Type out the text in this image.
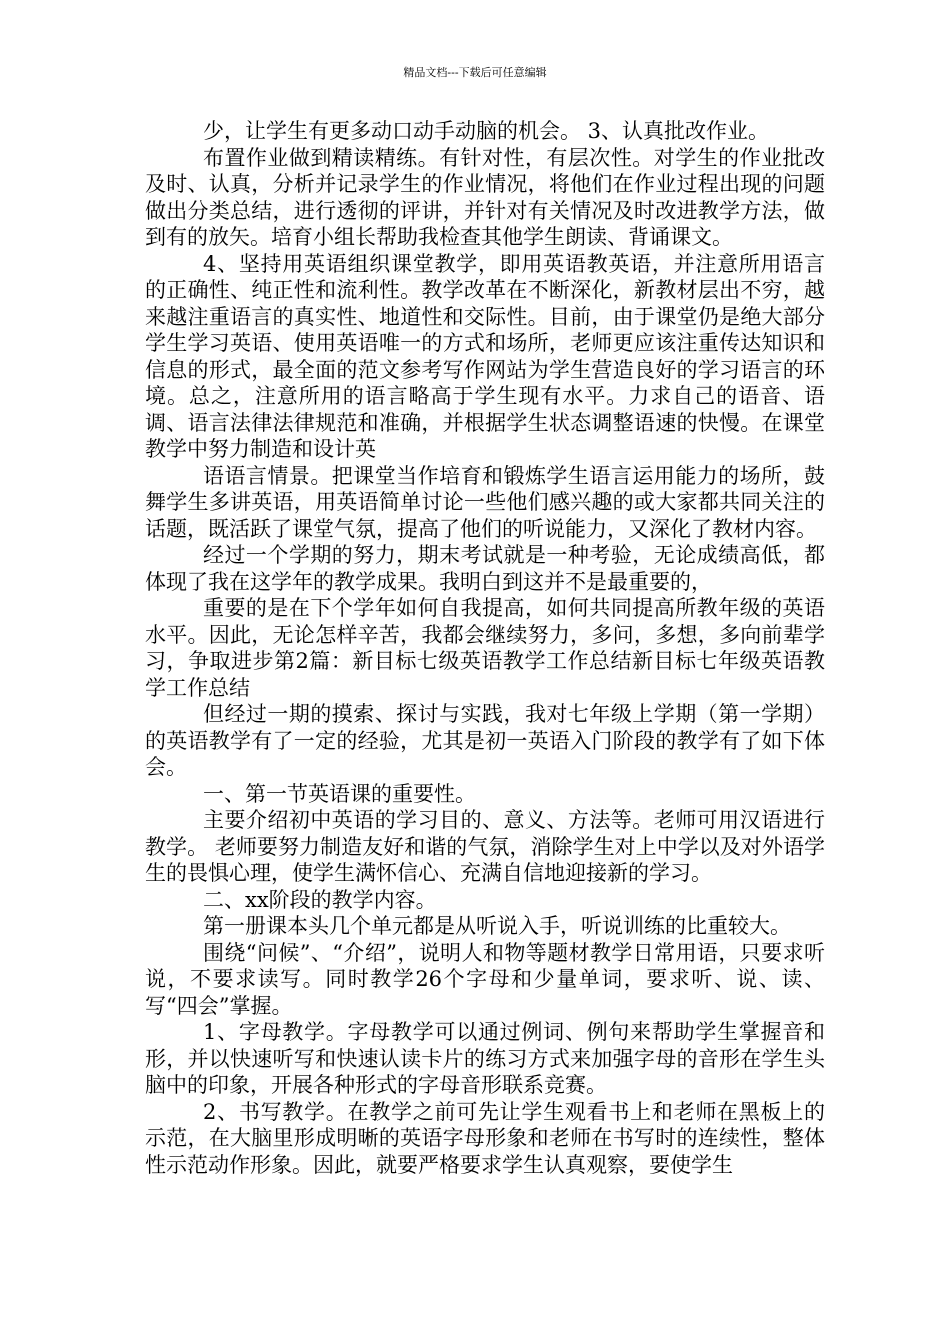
精品文档---下载后可任意编辑

少，让学生有更多动口动手动脑的机会。 3、认真批改作业。

布置作业做到精读精练。有针对性，有层次性。对学生的作业批改及时、认真，分析并记录学生的作业情况，将他们在作业过程出现的问题做出分类总结，进行透彻的评讲，并针对有关情况及时改进教学方法，做到有的放矢。培育小组长帮助我检查其他学生朗读、背诵课文。

4、坚持用英语组织课堂教学，即用英语教英语，并注意所用语言的正确性、纯正性和流利性。教学改革在不断深化，新教材层出不穷，越来越注重语言的真实性、地道性和交际性。目前，由于课堂仍是绝大部分学生学习英语、使用英语唯一的方式和场所，老师更应该注重传达知识和信息的形式，最全面的范文参考写作网站为学生营造良好的学习语言的环境。总之，注意所用的语言略高于学生现有水平。力求自己的语音、语调、语言法律法律规范和准确，并根据学生状态调整语速的快慢。在课堂教学中努力制造和设计英

语语言情景。把课堂当作培育和锻炼学生语言运用能力的场所，鼓舞学生多讲英语，用英语简单讨论一些他们感兴趣的或大家都共同关注的话题，既活跃了课堂气氛，提高了他们的听说能力，又深化了教材内容。

经过一个学期的努力，期末考试就是一种考验，无论成绩高低，都体现了我在这学年的教学成果。我明白到这并不是最重要的，

重要的是在下个学年如何自我提高，如何共同提高所教年级的英语水平。因此，无论怎样辛苦，我都会继续努力，多问，多想，多向前辈学习，争取进步第2篇：新目标七级英语教学工作总结新目标七年级英语教学工作总结

但经过一期的摸索、探讨与实践，我对七年级上学期（第一学期）的英语教学有了一定的经验，尤其是初一英语入门阶段的教学有了如下体会。

一、第一节英语课的重要性。

主要介绍初中英语的学习目的、意义、方法等。老师可用汉语进行教学。 老师要努力制造友好和谐的气氛，消除学生对上中学以及对外语学生的畏惧心理，使学生满怀信心、充满自信地迎接新的学习。

二、xx阶段的教学内容。

第一册课本头几个单元都是从听说入手，听说训练的比重较大。

围绕“问候”、“介绍”，说明人和物等题材教学日常用语，只要求听说，不要求读写。同时教学26个字母和少量单词，要求听、说、读、写“四会”掌握。

1、字母教学。字母教学可以通过例词、例句来帮助学生掌握音和形，并以快速听写和快速认读卡片的练习方式来加强字母的音形在学生头脑中的印象，开展各种形式的字母音形联系竞赛。

2、书写教学。在教学之前可先让学生观看书上和老师在黑板上的示范，在大脑里形成明晰的英语字母形象和老师在书写时的连续性，整体性示范动作形象。因此，就要严格要求学生认真观察，要使学生
